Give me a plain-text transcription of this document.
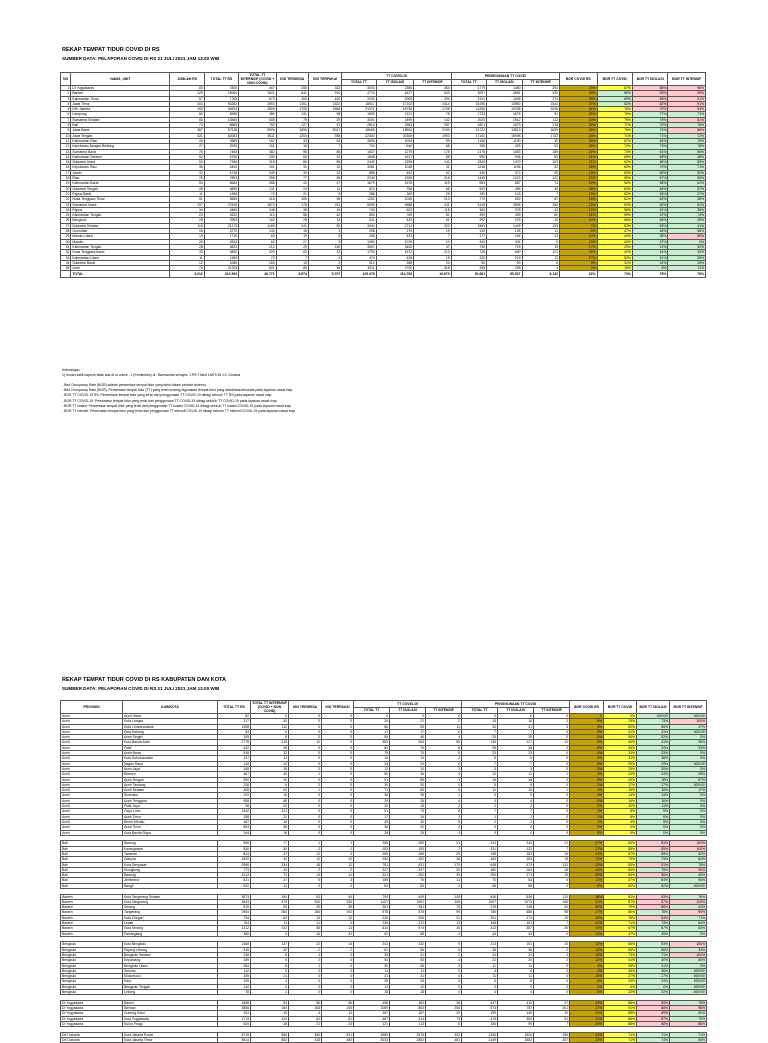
REKAP TEMPAT TIDUR COVID DI RS
SUMBER DATA: PELAPORAN COVID DI RS 21 JULI 2021 JAM 13.00 WIB
NO	NAMA_UNIT	JUMLAH RS	TOTAL TT RS	TOTAL TT INTERNSIF (COVID + NON COVID)	IGD TERSEDIA	IGD TERPAKAI	TT COVID-19			PENGGUNAAN TT COVID			BOR COVID RS	BOR TT COVID	BOR TT ISOLASI	BOR TT INTENSIF
							TOTAL TT	TT ISOLASI	TT INTENSIF	TOTAL TT	TT ISOLASI	TT INTENSIF				
1	DI Yogyakarta	80	7800	467	255	322	3003	2356	354	1779	1480	294	23%	87%	85%	96%
2	Banten	129	15064	1621	641	910	4776	4427	543	3097	3681	420	28%	86%	83%	95%
3	Kalimantan Timur	57	7765	673	305	420	2032	2005	294	2191	1535	274	29%	89%	85%	91%
4	Jawa Timur	403	53282	2893	1451	1522	18517	17102	1414	15196	13960	1544	27%	82%	82%	91%
5	DKI Jakarta	193	34603	2809	1705	2666	21371	18730	1708	11256	10338	2046	31%	78%	79%	93%
6	Lampung	80	8985	389	131	98	1839	2121	78	1733	1675	91	26%	76%	77%	71%
7	Sumatera Selatan	80	13550	605	79	29	3001	2499	142	2020	1912	112	20%	79%	79%	81%
8	Bali	73	8869	783	127	67	2810	2563	287	1801	1679	218	22%	71%	70%	76%
9	Jawa Barat	387	57245	3926	1895	5017	18686	18552	2150	14722	13813	1609	26%	76%	74%	86%
10	Jawa Tengah	321	62063	3511	1204	938	22302	20309	1993	17100	15998	1702	23%	71%	71%	72%
11	Kalimantan Riau	26	2869	162	33	52	3693	1004	59	1168	1190	39	26%	67%	64%	70%
12	Kepulauan Bangka Belitung	27	2920	151	18	7	704	646	68	768	425	53	35%	72%	79%	78%
13	Sumatera Barat	76	7463	382	98	86	1837	1279	178	1176	1083	189	22%	73%	61%	55%
14	Kalimantan Selatan	52	6750	330	65	31	1848	1617	88	990	948	84	21%	65%	68%	48%
15	Sulawesi Utara	53	7366	318	86	85	2440	2298	142	1526	1470	103	21%	62%	66%	55%
16	Kepulauan Riau	36	4402	161	31	32	3081	1048	31	1248	1196	52	26%	69%	70%	71%
17	Jambi	32	4718	249	30	24	886	452	62	430	372	29	13%	60%	60%	50%
18	Riau	76	7893	395	77	58	2240	1939	216	1345	1223	122	24%	59%	57%	58%
19	Kalimantan Barat	54	6684	268	43	47	1679	1570	119	963	887	74	22%	56%	56%	62%
20	Sulawesi Tengah	26	3859	131	24	11	823	756	68	523	485	39	18%	64%	64%	57%
21	Papua Barat	11	1396	70	21	9	288	260	26	150	143	7	19%	52%	55%	27%
22	Nusa Tenggara Timur	51	5659	418	165	96	1252	1039	213	770	692	81	15%	61%	62%	38%
23	Sumatera Utara	207	27815	1870	178	211	5099	4688	411	3145	2895	250	12%	62%	62%	61%
24	Papua	34	3480	248	38	16	740	622	118	360	378	43	12%	58%	61%	36%
25	Kalimantan Tengah	23	2622	110	58	62	850	769	81	499	439	60	11%	59%	57%	74%
26	Bengkulu	25	2993	162	28	14	511	430	61	292	276	16	10%	56%	64%	26%
27	Sulawesi Selatan	115	21173	1180	241	52	3034	2712	322	1583	1449	133	7%	52%	53%	41%
28	Gorontalo	16	2270	144	15	3	298	279	19	139	128	11	6%	47%	46%	58%
29	Maluku Utara	16	1710	63	19	5	438	431	7	177	164	13	10%	40%	38%	86%
30	Maluku	26	2834	62	27	3	1080	1076	10	434	434	0	15%	40%	37%	0%
31	Kalimantan Tengah	28	3823	212	29	150	3667	3400	47	730	715	15	17%	20%	21%	32%
32	Nusa Tenggara Barat	33	3862	320	63	32	1752	1572	213	726	690	121	22%	41%	44%	34%
33	Kalimantan Utara	11	1280	72	7	2	474	428	15	220	219	11	17%	52%	51%	35%
34	Sulawesi Barat	12	1080	163	13	2	312	288	24	96	90	6	9%	31%	31%	25%
35	Aceh	70	11703	621	85	55	3011	2700	316	298	299	3	3%	10%	8%	11%
	TOTAL	3.012	312.992	26.771	8.574	5.707	125.378	114.783	10.670	91.681	85.527	8.132	22%	73%	75%	76%
Keterangan :
1) rumah sakit capture tidak ada di rs online : 1 (Kemenkes) di : Banhamba sehayta. 1 RS ThaUI 18/07/18 1:0. Dimana

- Bed Occupancy Rate (BOR) adalah persentase tempat tidur yang terisi dalam periode tertentu.
- Bed Occupancy Rate (BOR): Persentase tempat tidur (TT) yang telah sedang digunakan tempat tidur yang disediakan/tersedia pada layanan rawat inap.
- BOR TT COVID-19 RS: Persentase tempat tidur yang terisi dari penggunaan TT COVID-19 dibagi seluruh TT RS pada layanan rawat inap.
- BOR TT COVID-19: Persentase tempat tidur yang terisi dari penggunaan TT COVID-19 dibagi seluruh TT COVID-19 pada layanan rawat inap.
- BOR TT isolasi: Persentase tempat tidur yang terisi dari penggunaan TT isolasi COVID-19 dibagi seluruh TT isolasi COVID-19 pada layanan rawat inap.
- BOR TT intensif: Persentase tempat tidur yang terisi dari penggunaan TT intensif COVID-19 dibagi seluruh TT intensif COVID-19 pada layanan rawat inap.
REKAP TEMPAT TIDUR COVID DI RS KABUPATEN DAN KOTA
SUMBER DATA: PELAPORAN COVID DI RS 21 JULI 2021 JAM 13.00 WIB
PROVINSI	KAB/KOTA	TOTAL TT RS	TOTAL TT INTERNSIF (COVID + NON COVID)	IGD TERSEDIA	IGD TERPAKAI	TT COVID-19			PENGGUNAAN TT COVID			BOR COVID RS	BOR TT COVID	BOR TT ISOLASI	BOR TT INTENSIF	
						TOTAL TT	TT ISOLASI	TT INTENSIF	TOTAL TT	TT ISOLASI	TT INTENSIF					
Aceh	Aceh Utara	82	0	0	0	0	0	0	0	0	0	0	0%	#DIV/0!	#DIV/0!	
Aceh	Kota Langsa	317	30	0	0	24	22	2	18	16	2	6%	75%	73%	100%	
Aceh	Kota Lhokseumawe	1058	112	0	0	66	55	11	34	31	3	3%	52%	56%	27%	
Aceh	Kota Sabang	53	6	0	0	17	17	0	7	7	0	5%	41%	41%	#DIV/0!	
Aceh	Aceh Singkil	105	8	0	0	50	46	4	25	25	0	5%	50%	52%	0%	
Aceh	Kota Banda Aceh	2778	215	12	9	353	263	50	135	127	14	5%	40%	41%	36%	
Aceh	Pidie	432	28	0	0	82	76	6	28	26	2	6%	34%	34%	33%	
Aceh	Aceh Barat	518	32	0	0	75	70	5	23	23	0	4%	31%	33%	0%	
Aceh	Kota Subulussalam	127	12	0	0	16	14	2	5	5	0	4%	31%	36%	0%	
Aceh	Nagan Raya	115	12	0	0	24	24	0	7	7	0	6%	29%	29%	#DIV/0!	
Aceh	Aceh Jaya	108	18	0	0	12	10	2	3	3	0	3%	25%	30%	0%	
Aceh	Bireuen	467	40	1	0	50	46	4	12	11	1	3%	24%	24%	25%	
Aceh	Aceh Tengah	390	20	0	0	91	88	3	18	16	2	5%	20%	18%	67%	
Aceh	Aceh Tamiang	226	6	0	0	30	30	0	5	5	0	2%	17%	17%	#DIV/0!	
Aceh	Aceh Selatan	308	42	1	0	71	65	6	11	10	1	4%	15%	15%	17%	
Aceh	Simeulue	120	16	0	0	36	35	1	5	5	0	4%	14%	14%	0%	
Aceh	Aceh Tenggara	958	68	0	0	29	25	4	4	4	0	0%	14%	16%	0%	
Aceh	Pidie Jaya	98	20	0	0	20	18	2	2	2	0	2%	10%	11%	0%	
Aceh	Gayo Lues	1542	121	0	0	91	73	8	7	7	0	1%	8%	9%	0%	
Aceh	Aceh Timur	155	22	0	0	17	16	1	1	1	0	1%	6%	6%	0%	
Aceh	Bener Meriah	187	16	0	0	45	40	5	2	2	0	1%	4%	5%	0%	
Aceh	Aceh Timur	653	38	0	0	36	32	4	0	0	0	0%	0%	0%	0%	
Aceh	Kota Banda Raya	244	16	0	0	28	25	3	0	0	0	0%	0%	0%	0%	

Bali	Badung	896	77	1	1	289	289	21	243	243	21	27%	84%	84%	100%	
Bali	Karangasem	830	50	2	1	153	153	7	131	131	7	17%	85%	85%	100%	
Bali	Tabanan	824	37	12	3	295	266	29	198	183	15	24%	67%	69%	52%	
Bali	Gianyar	1820	42	12	10	252	252	28	183	183	18	11%	73%	73%	64%	
Bali	Kota Denpasar	2996	334	18	12	781	631	170	648	573	132	22%	83%	91%	78%	
Bali	Klungkung	773	43	2	2	227	207	20	182	164	18	24%	80%	79%	90%	
Bali	Badung	1013	72	13	14	321	282	39	290	271	19	29%	90%	96%	49%	
Bali	Jembrana	621	37	5	3	189	76	11	70	64	6	11%	37%	84%	55%	
Bali	Bangli	632	11	0	0	83	83	0	68	68	0	8%	82%	82%	#DIV/0!	

Banten	Kota Tangerang Selatan	3673	164	63	94	794	649	145	646	536	110	18%	81%	83%	76%	
Banten	Kota Tangerang	3843	379	100	230	1157	1051	106	1007	1073	106	31%	87%	87%	100%	
Banten	Serang	919	50	49	39	351	281	70	278	248	30	30%	79%	88%	43%	
Banten	Tangerang	2954	260	166	192	978	878	99	786	686	98	27%	80%	78%	99%	
Banten	Kota Cilegon	734	63	13	12	226	205	21	191	171	15	26%	76%	83%	71%	
Banten	Lebak	764	11	11	0	235	222	13	168	161	7	22%	71%	73%	54%	
Banten	Kota Serang	1212	102	58	11	614	574	40	412	387	25	34%	67%	67%	63%	
Banten	Pandeglang	396	4	16	32	92	88	4	43	43	0	11%	47%	49%	0%	

Bengkulu	Kota Bengkulu	1468	137	22	14	241	232	9	213	191	10	12%	55%	53%	100%	
Bengkulu	Rejang Lebong	516	20	2	2	61	55	6	38	36	2	12%	63%	66%	33%	
Bengkulu	Bengkulu Selatan	236	8	3	0	33	31	2	24	22	2	10%	73%	71%	100%	
Bengkulu	Kepahiang	189	6	2	0	54	50	4	22	20	2	12%	41%	40%	50%	
Bengkulu	Bengkulu Utara	284	6	1	0	39	36	3	11	11	0	4%	28%	31%	0%	
Bengkulu	Seluma	112	0	0	0	11	11	0	4	4	0	4%	36%	36%	#DIV/0!	
Bengkulu	Mukomuko	109	21	0	0	41	41	0	11	11	0	10%	27%	27%	#DIV/0!	
Bengkulu	Kaur	105	4	0	0	25	25	0	6	6	0	6%	24%	24%	#DIV/0!	
Bengkulu	Bengkulu Tengah	110	0	0	0	12	12	0	0	0	0	0%	0%	0%	#DIV/0!	
Bengkulu	Lebong	78	1	0	0	18	18	0	4	4	0	5%	22%	22%	#DIV/0!	

DI Yogyakarta	Bantul	1898	83	56	96	498	462	36	437	410	27	23%	88%	89%	75%	
DI Yogyakarta	Sleman	3598	180	108	109	1069	863	206	973	757	201	27%	91%	88%	98%	
DI Yogyakarta	Gunung Kidul	511	18	4	13	187	167	20	159	149	10	31%	85%	89%	50%	
DI Yogyakarta	Kota Yogyakarta	1713	124	62	81	487	414	73	413	362	51	24%	85%	87%	70%	
DI Yogyakarta	Kulon Progo	525	16	21	24	121	113	8	106	99	7	20%	88%	88%	88%	

DKI Jakarta	Kota Jakarta Pusat	8715	566	360	521	2980	2578	402	2106	1820	286	24%	71%	71%	71%	
DKI Jakarta	Kota Jakarta Timur	9814	582	318	480	3033	2552	481	2149	1882	267	22%	71%	74%	56%	
